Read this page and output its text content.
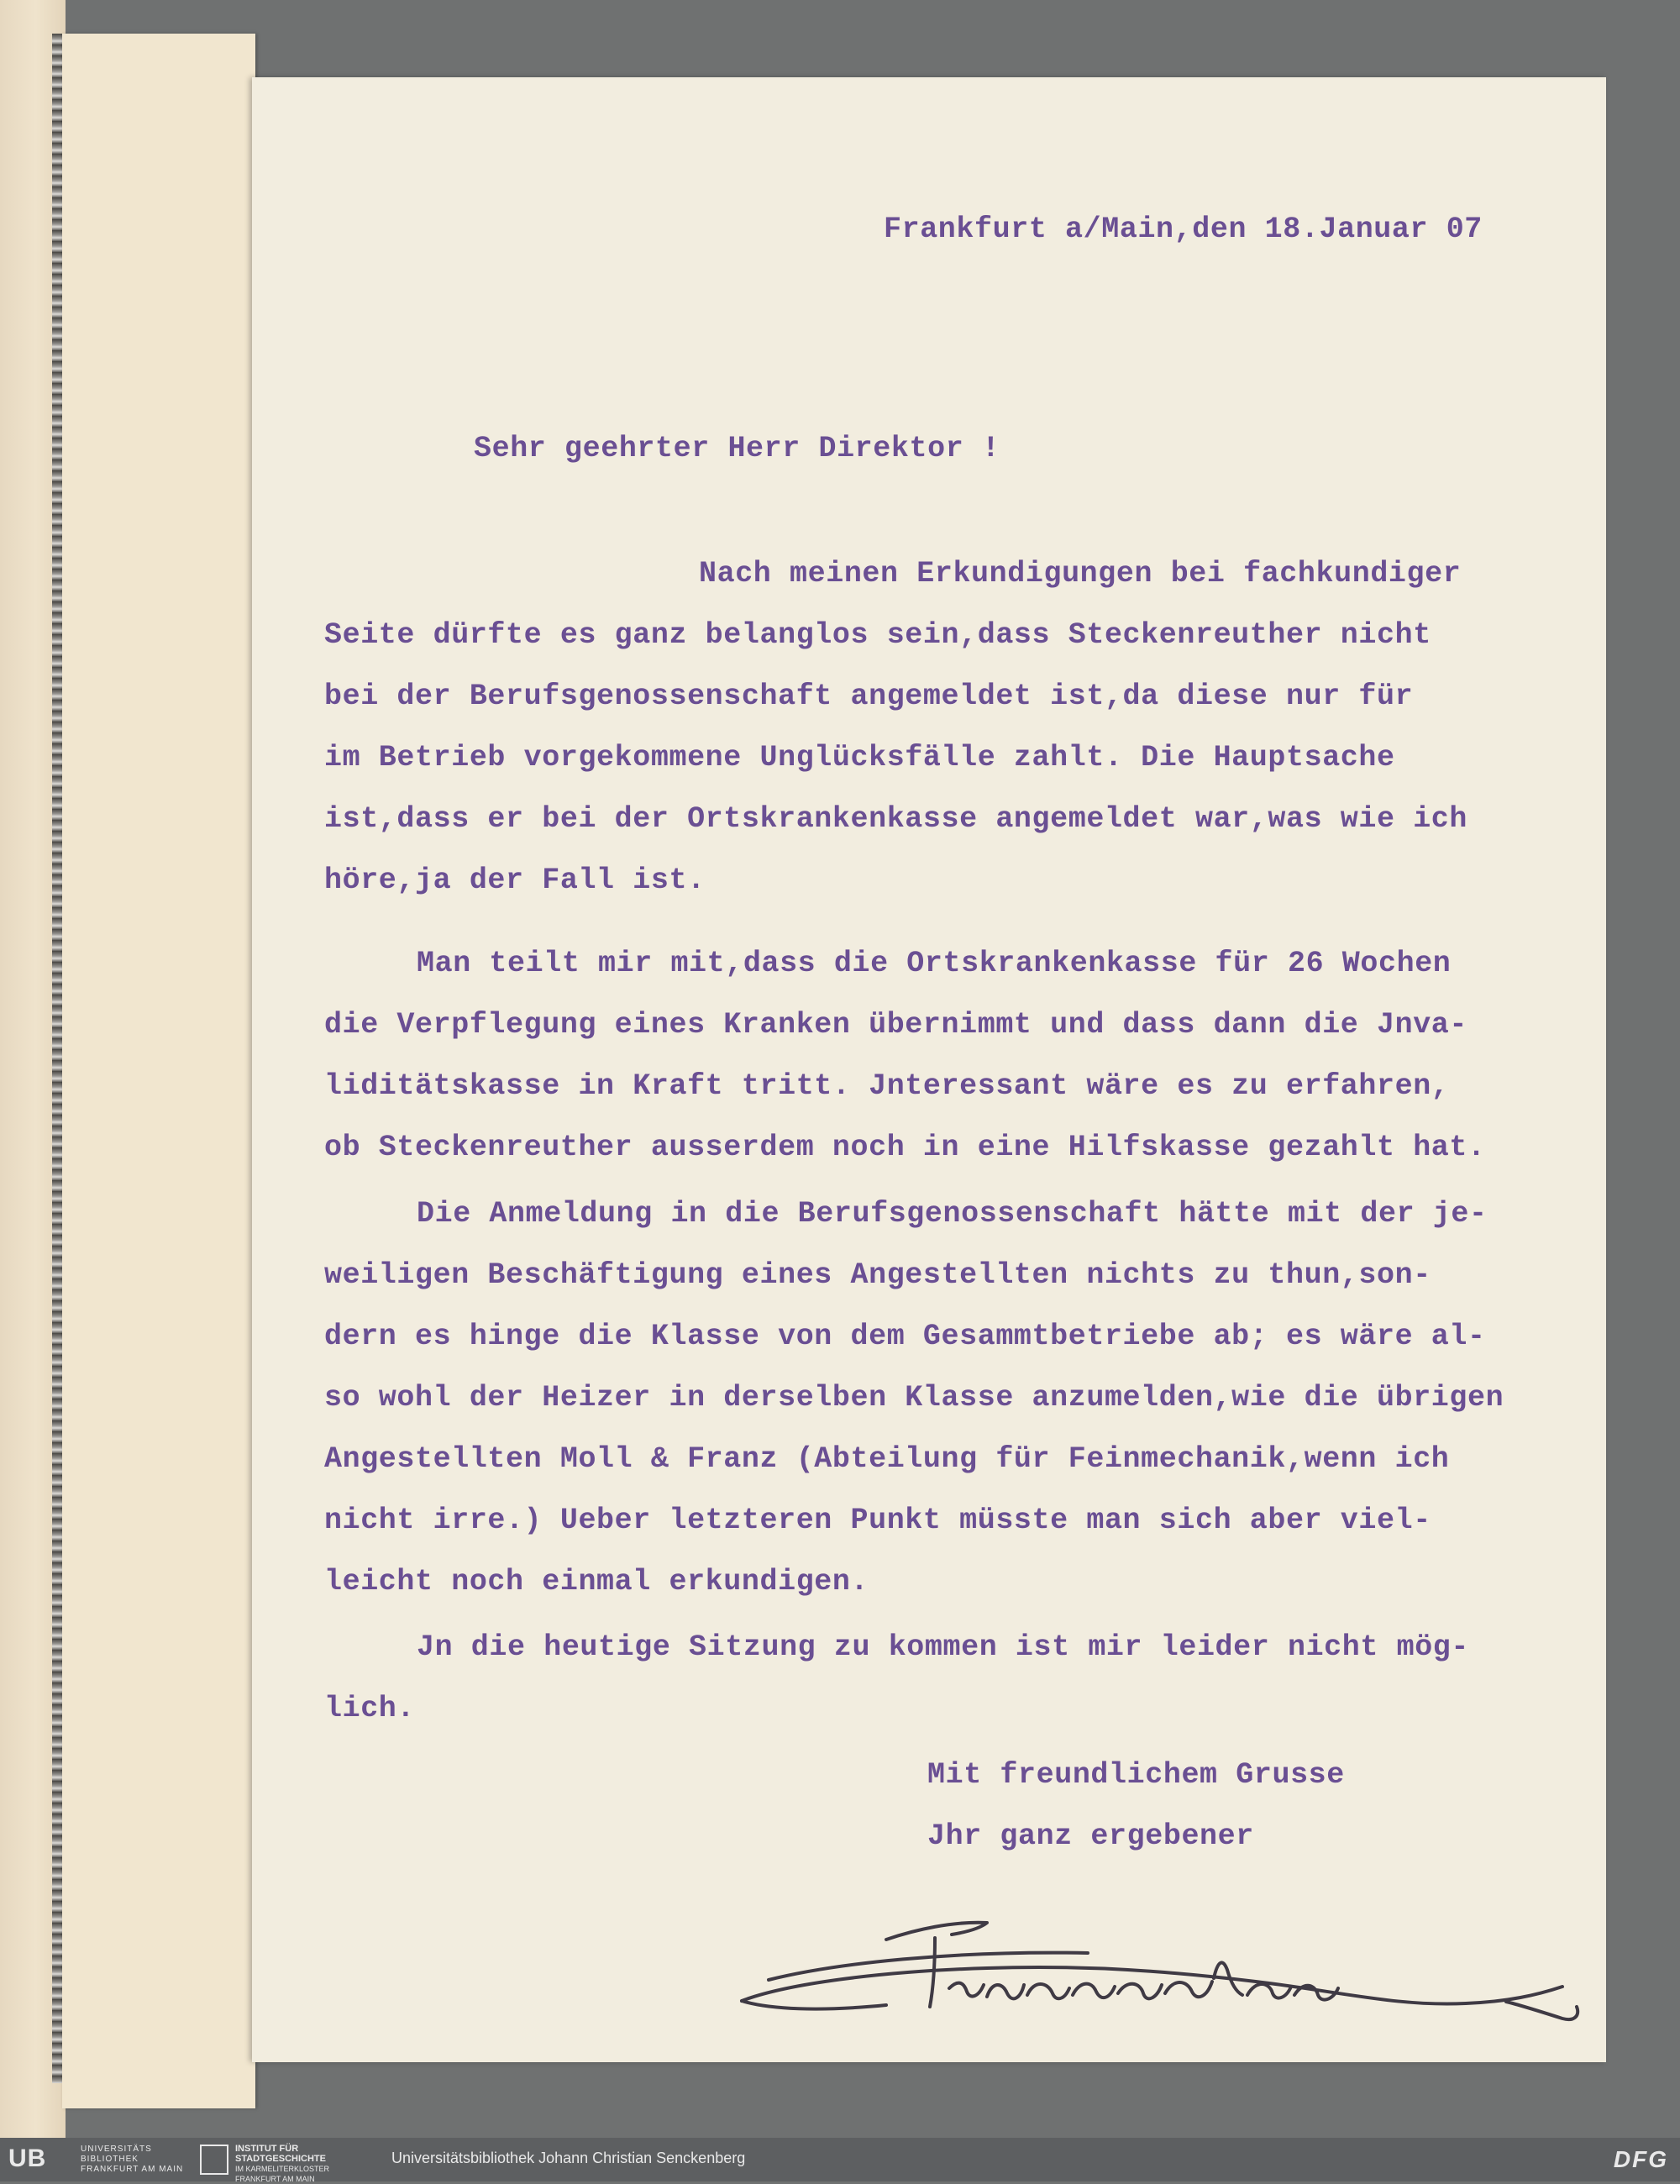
Frankfurt a/Main,den 18.Januar 07

Sehr geehrter Herr Direktor !

Nach meinen Erkundigungen bei fachkundiger

Seite dürfte es ganz belanglos sein,dass Steckenreuther nicht

bei der Berufsgenossenschaft angemeldet ist,da diese nur für

im Betrieb vorgekommene Unglücksfälle zahlt. Die Hauptsache

ist,dass er bei der Ortskrankenkasse angemeldet war,was wie ich

höre,ja der Fall ist.

Man teilt mir mit,dass die Ortskrankenkasse für 26 Wochen

die Verpflegung eines Kranken übernimmt und dass dann die Jnva-

liditätskasse in Kraft tritt. Jnteressant wäre es zu erfahren,

ob Steckenreuther ausserdem noch in eine Hilfskasse gezahlt hat.

Die Anmeldung in die Berufsgenossenschaft hätte mit der je-

weiligen Beschäftigung eines Angestellten nichts zu thun,son-

dern es hinge die Klasse von dem Gesammtbetriebe ab; es wäre al-

so wohl der Heizer in derselben Klasse anzumelden,wie die übrigen

Angestellten Moll & Franz (Abteilung für Feinmechanik,wenn ich

nicht irre.) Ueber letzteren Punkt müsste man sich aber viel-

leicht noch einmal erkundigen.

Jn die heutige Sitzung zu kommen ist mir leider nicht mög-

lich.

Mit freundlichem Grusse

Jhr ganz ergebener

UB	UNIVERSITÄTS
BIBLIOTHEK
FRANKFURT AM MAIN
INSTITUT FÜR
STADTGESCHICHTE
IM KARMELITERKLOSTER
FRANKFURT AM MAIN
Universitätsbibliothek Johann Christian Senckenberg	DFG
